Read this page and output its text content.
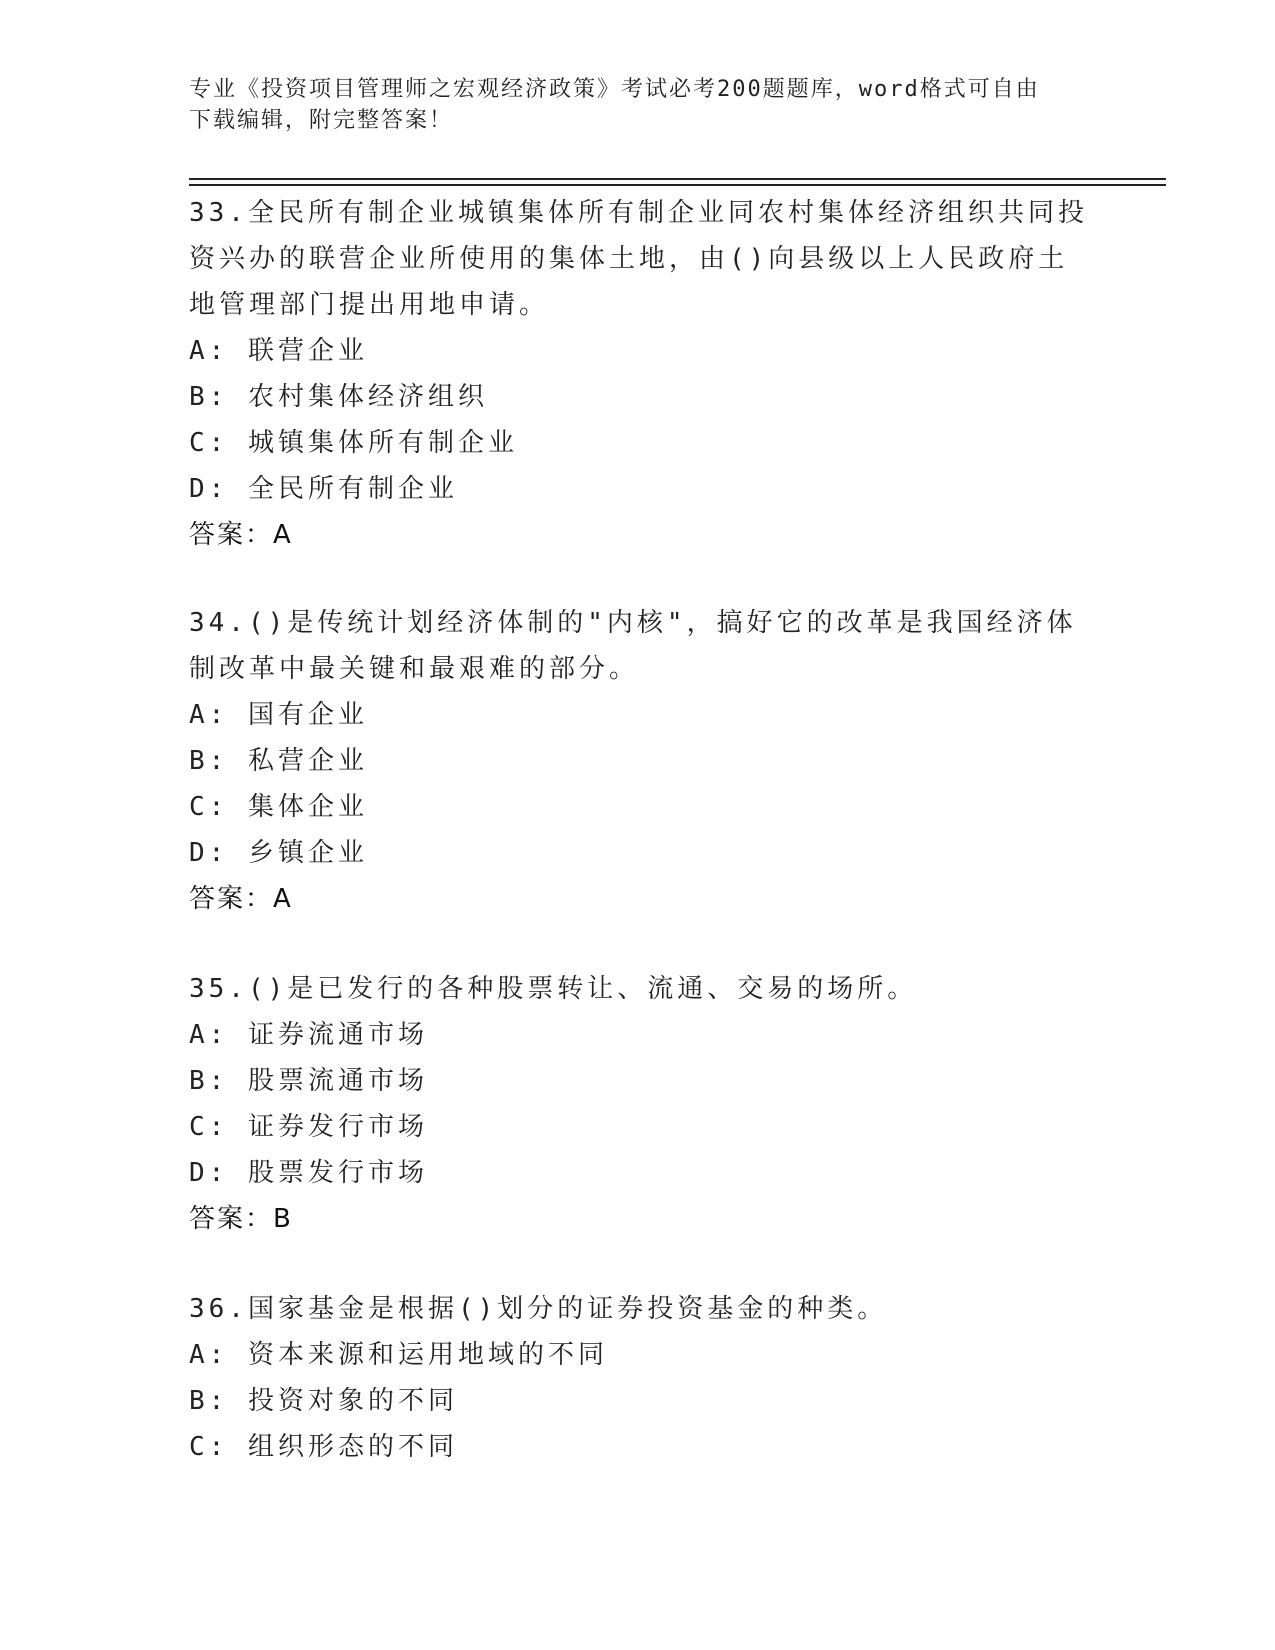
专业《投资项目管理师之宏观经济政策》考试必考200题题库，word格式可自由
下载编辑，附完整答案！

33.全民所有制企业城镇集体所有制企业同农村集体经济组织共同投资兴办的联营企业所使用的集体土地，由()向县级以上人民政府土地管理部门提出用地申请。

A: 联营企业

B: 农村集体经济组织

C: 城镇集体所有制企业

D: 全民所有制企业

答案：A

34.()是传统计划经济体制的"内核"，搞好它的改革是我国经济体制改革中最关键和最艰难的部分。

A: 国有企业

B: 私营企业

C: 集体企业

D: 乡镇企业

答案：A

35.()是已发行的各种股票转让、流通、交易的场所。

A: 证券流通市场

B: 股票流通市场

C: 证券发行市场

D: 股票发行市场

答案：B

36.国家基金是根据()划分的证券投资基金的种类。

A: 资本来源和运用地域的不同

B: 投资对象的不同

C: 组织形态的不同
